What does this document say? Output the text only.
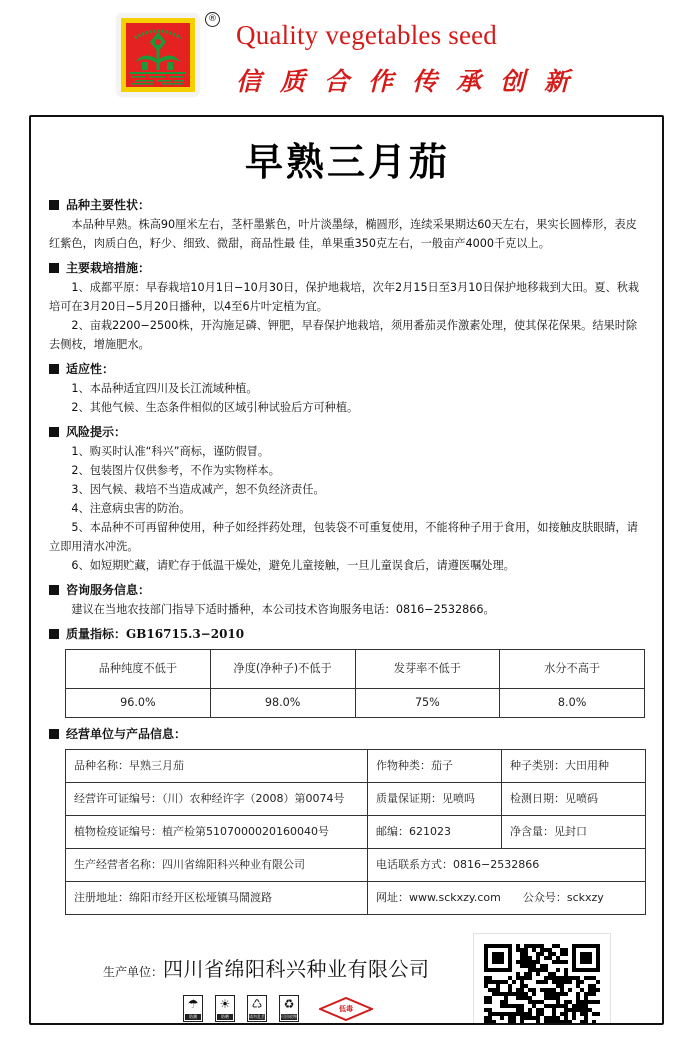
®
Quality vegetables seed
信质合作传承创新
早熟三月茄
品种主要性状：

本品种早熟。株高90厘米左右，茎杆墨紫色，叶片淡墨绿，椭圆形，连续采果期达60天左右，果实长圆棒形，表皮红紫色，肉质白色，籽少、细致、微甜，商品性最 佳，单果重350克左右，一般亩产4000千克以上。

主要栽培措施：

1、成都平原：早春栽培10月1日−10月30日，保护地栽培，次年2月15日至3月10日保护地移栽到大田。夏、秋栽培可在3月20日−5月20日播种，以4至6片叶定植为宜。

2、亩栽2200−2500株，开沟施足磷、钾肥，早春保护地栽培，须用番茄灵作激素处理，使其保花保果。结果时除去侧枝，增施肥水。

适应性：

1、本品种适宜四川及长江流域种植。

2、其他气候、生态条件相似的区域引种试验后方可种植。

风险提示：

1、购买时认准“科兴”商标，谨防假冒。

2、包装图片仅供参考，不作为实物样本。

3、因气候、栽培不当造成减产，恕不负经济责任。

4、注意病虫害的防治。

5、本品种不可再留种使用，种子如经拌药处理，包装袋不可重复使用，不能将种子用于食用，如接触皮肤眼睛，请立即用清水冲洗。

6、如短期贮藏，请贮存于低温干燥处，避免儿童接触，一旦儿童误食后，请遵医嘱处理。

咨询服务信息：

建议在当地农技部门指导下适时播种，本公司技术咨询服务电话：0816−2532866。

质量指标：GB16715.3−2010
品种纯度不低于	净度(净种子)不低于	发芽率不低于	水分不高于
96.0%	98.0%	75%	8.0%
经营单位与产品信息：
品种名称：早熟三月茄	作物种类：茄子	种子类别：大田用种
经营许可证编号：（川）农种经许字（2008）第0074号	质量保证期：见喷吗	检测日期：见喷码
植物检疫证编号：植产检第5107000020160040号	邮编：621023	净含量：见封口
生产经营者名称：四川省绵阳科兴种业有限公司	电话联系方式：0816−2532866	
注册地址：绵阳市经开区松垭镇马鬧渡路	网址：www.sckxzy.com　　公众号：sckxzy	
生产单位： 四川省绵阳科兴种业有限公司
☂
防潮
☀
防晒
♺
请勿乱丢
♻
可回收物
低毒
